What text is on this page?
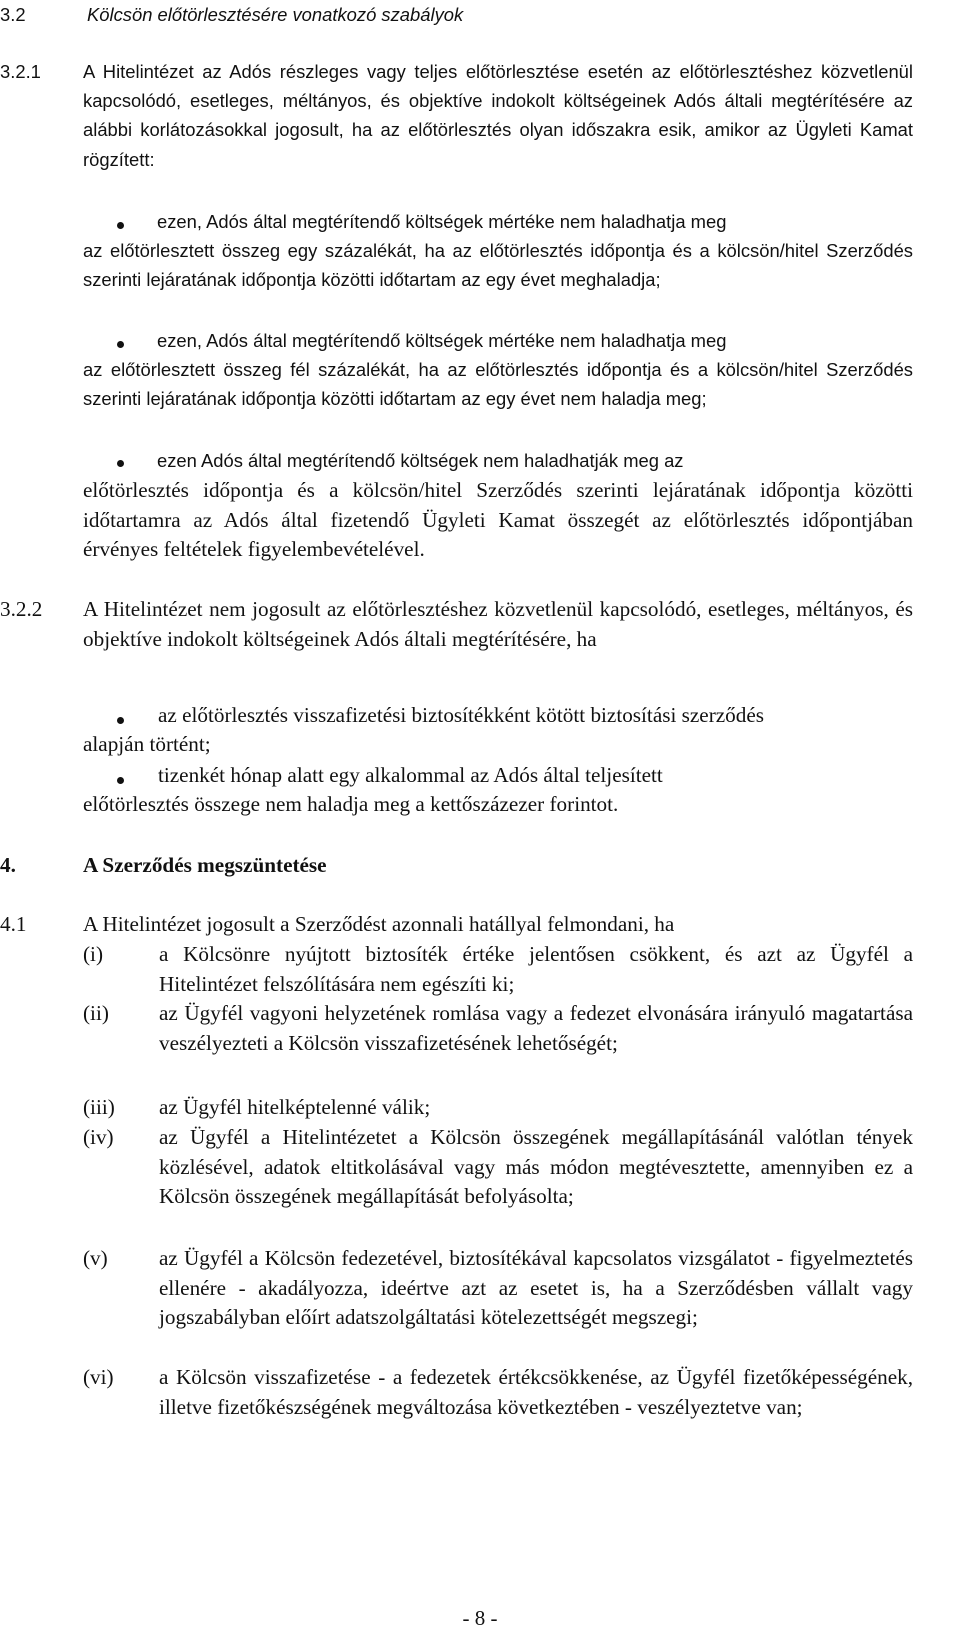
3.2	Kölcsön előtörlesztésére vonatkozó szabályok
3.2.1 A Hitelintézet az Adós részleges vagy teljes előtörlesztése esetén az előtörlesztéshez közvetlenül kapcsolódó, esetleges, méltányos, és objektíve indokolt költségeinek Adós általi megtérítésére az alábbi korlátozásokkal jogosult, ha az előtörlesztés olyan időszakra esik, amikor az Ügyleti Kamat rögzített:
ezen, Adós által megtérítendő költségek mértéke nem haladhatja meg
az előtörlesztett összeg egy százalékát, ha az előtörlesztés időpontja és a kölcsön/hitel Szerződés szerinti lejáratának időpontja közötti időtartam az egy évet meghaladja;
ezen, Adós által megtérítendő költségek mértéke nem haladhatja meg
az előtörlesztett összeg fél százalékát, ha az előtörlesztés időpontja és a kölcsön/hitel Szerződés szerinti lejáratának időpontja közötti időtartam az egy évet nem haladja meg;
ezen Adós által megtérítendő költségek nem haladhatják meg az
előtörlesztés időpontja és a kölcsön/hitel Szerződés szerinti lejáratának időpontja közötti időtartamra az Adós által fizetendő Ügyleti Kamat összegét az előtörlesztés időpontjában érvényes feltételek figyelembevételével.
3.2.2 A Hitelintézet nem jogosult az előtörlesztéshez közvetlenül kapcsolódó, esetleges, méltányos, és objektíve indokolt költségeinek Adós általi megtérítésére, ha
az előtörlesztés visszafizetési biztosítékként kötött biztosítási szerződés
alapján történt;
tizenkét hónap alatt egy alkalommal az Adós által teljesített
előtörlesztés összege nem haladja meg a kettőszázezer forintot.
4.	A Szerződés megszüntetése
4.1	A Hitelintézet jogosult a Szerződést azonnali hatállyal felmondani, ha
(i)	a Kölcsönre nyújtott biztosíték értéke jelentősen csökkent, és azt az Ügyfél a Hitelintézet felszólítására nem egészíti ki;
(ii) az Ügyfél vagyoni helyzetének romlása vagy a fedezet elvonására irányuló magatartása veszélyezteti a Kölcsön visszafizetésének lehetőségét;
(iii) az Ügyfél hitelképtelenné válik;
(iv) az Ügyfél a Hitelintézetet a Kölcsön összegének megállapításánál valótlan tények közlésével, adatok eltitkolásával vagy más módon megtévesztette, amennyiben ez a Kölcsön összegének megállapítását befolyásolta;
(v) az Ügyfél a Kölcsön fedezetével, biztosítékával kapcsolatos vizsgálatot - figyelmeztetés ellenére - akadályozza, ideértve azt az esetet is, ha a Szerződésben vállalt vagy jogszabályban előírt adatszolgáltatási kötelezettségét megszegi;
(vi) a Kölcsön visszafizetése - a fedezetek értékcsökkenése, az Ügyfél fizetőképességének, illetve fizetőkészségének megváltozása következtében - veszélyeztetve van;
- 8 -
